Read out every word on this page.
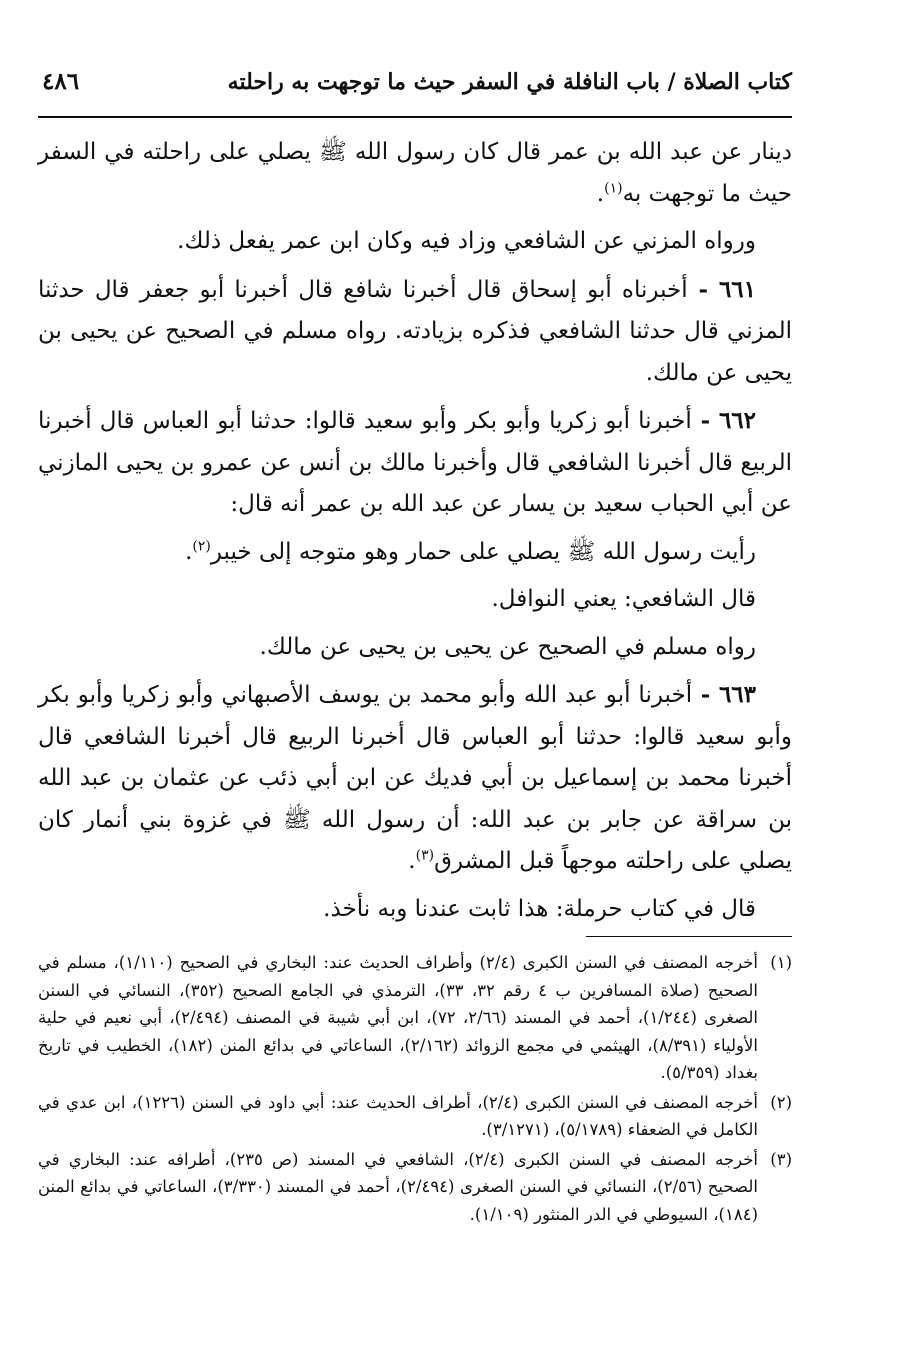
كتاب الصلاة / باب النافلة في السفر حيث ما توجهت به راحلته
٤٨٦

دينار عن عبد الله بن عمر قال كان رسول الله ﷺ يصلي على راحلته في السفر حيث ما توجهت به$^{(١)}$.

ورواه المزني عن الشافعي وزاد فيه وكان ابن عمر يفعل ذلك.

٦٦١ - أخبرناه أبو إسحاق قال أخبرنا شافع قال أخبرنا أبو جعفر قال حدثنا المزني قال حدثنا الشافعي فذكره بزيادته. رواه مسلم في الصحيح عن يحيى بن يحيى عن مالك.

٦٦٢ - أخبرنا أبو زكريا وأبو بكر وأبو سعيد قالوا: حدثنا أبو العباس قال أخبرنا الربيع قال أخبرنا الشافعي قال وأخبرنا مالك بن أنس عن عمرو بن يحيى المازني عن أبي الحباب سعيد بن يسار عن عبد الله بن عمر أنه قال:

رأيت رسول الله ﷺ يصلي على حمار وهو متوجه إلى خيبر$^{(٢)}$.

قال الشافعي: يعني النوافل.

رواه مسلم في الصحيح عن يحيى بن يحيى عن مالك.

٦٦٣ - أخبرنا أبو عبد الله وأبو محمد بن يوسف الأصبهاني وأبو زكريا وأبو بكر وأبو سعيد قالوا: حدثنا أبو العباس قال أخبرنا الربيع قال أخبرنا الشافعي قال أخبرنا محمد بن إسماعيل بن أبي فديك عن ابن أبي ذئب عن عثمان بن عبد الله بن سراقة عن جابر بن عبد الله: أن رسول الله ﷺ في غزوة بني أنمار كان يصلي على راحلته موجهاً قبل المشرق$^{(٣)}$.

قال في كتاب حرملة: هذا ثابت عندنا وبه نأخذ.

(١)
أخرجه المصنف في السنن الكبرى (٢/٤) وأطراف الحديث عند: البخاري في الصحيح (١/١١٠)، مسلم في الصحيح (صلاة المسافرين ب ٤ رقم ٣٢، ٣٣)، الترمذي في الجامع الصحيح (٣٥٢)، النسائي في السنن الصغرى (١/٢٤٤)، أحمد في المسند (٢/٦٦، ٧٢)، ابن أبي شيبة في المصنف (٢/٤٩٤)، أبي نعيم في حلية الأولياء (٨/٣٩١)، الهيثمي في مجمع الزوائد (٢/١٦٢)، الساعاتي في بدائع المنن (١٨٢)، الخطيب في تاريخ بغداد (٥/٣٥٩).
(٢)
أخرجه المصنف في السنن الكبرى (٢/٤)، أطراف الحديث عند: أبي داود في السنن (١٢٢٦)، ابن عدي في الكامل في الضعفاء (٥/١٧٨٩)، (٣/١٢٧١).
(٣)
أخرجه المصنف في السنن الكبرى (٢/٤)، الشافعي في المسند (ص ٢٣٥)، أطرافه عند: البخاري في الصحيح (٢/٥٦)، النسائي في السنن الصغرى (٢/٤٩٤)، أحمد في المسند (٣/٣٣٠)، الساعاتي في بدائع المنن (١٨٤)، السيوطي في الدر المنثور (١/١٠٩).
